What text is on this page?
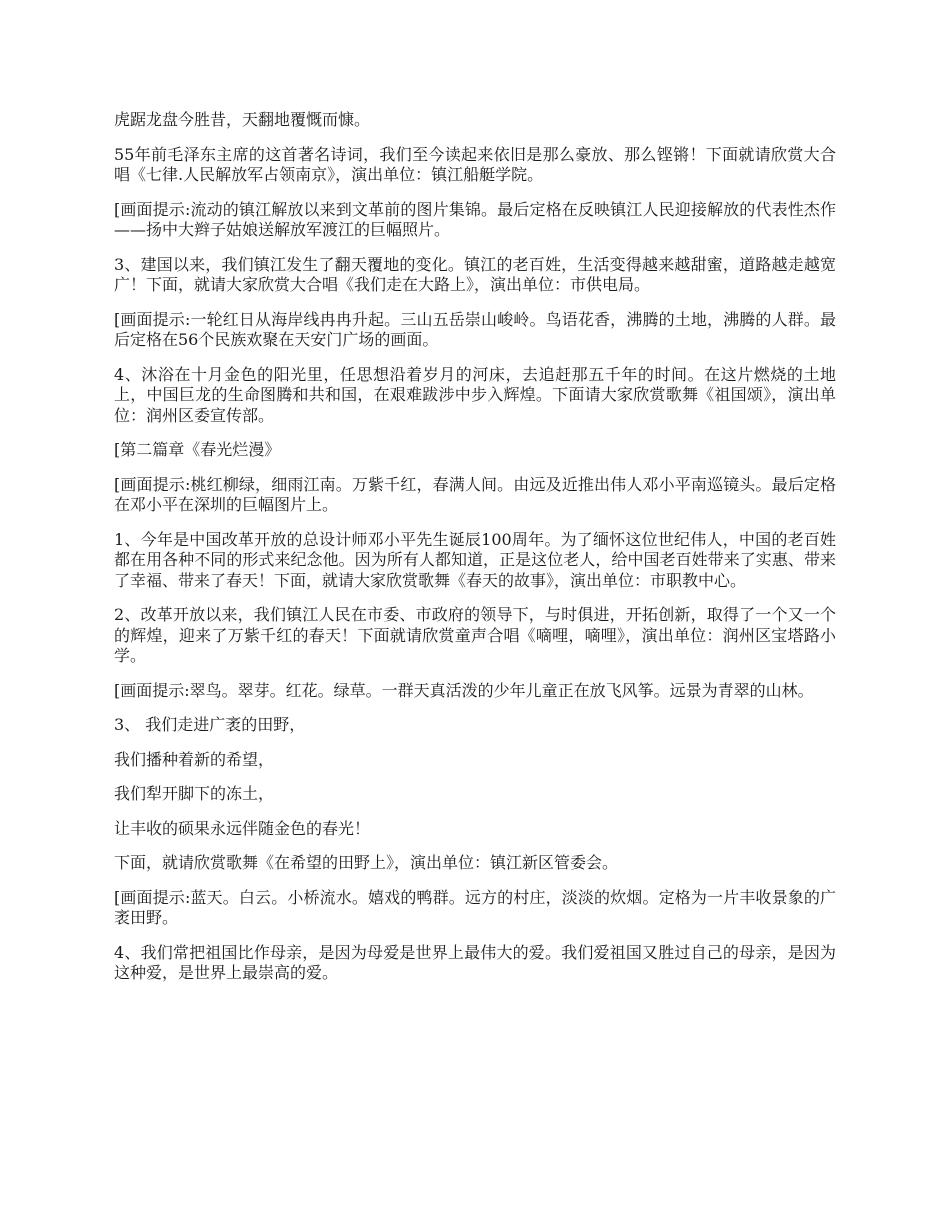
虎踞龙盘今胜昔，天翻地覆慨而慷。

55年前毛泽东主席的这首著名诗词，我们至今读起来依旧是那么豪放、那么铿锵！下面就请欣赏大合唱《七律.人民解放军占领南京》，演出单位：镇江船艇学院。

[画面提示:流动的镇江解放以来到文革前的图片集锦。最后定格在反映镇江人民迎接解放的代表性杰作——扬中大辫子姑娘送解放军渡江的巨幅照片。

3、建国以来，我们镇江发生了翻天覆地的变化。镇江的老百姓，生活变得越来越甜蜜，道路越走越宽广！下面，就请大家欣赏大合唱《我们走在大路上》，演出单位：市供电局。

[画面提示:一轮红日从海岸线冉冉升起。三山五岳崇山峻岭。鸟语花香，沸腾的土地，沸腾的人群。最后定格在56个民族欢聚在天安门广场的画面。

4、沐浴在十月金色的阳光里，任思想沿着岁月的河床，去追赶那五千年的时间。在这片燃烧的土地上，中国巨龙的生命图腾和共和国，在艰难跋涉中步入辉煌。下面请大家欣赏歌舞《祖国颂》，演出单位：润州区委宣传部。

[第二篇章《春光烂漫》

[画面提示:桃红柳绿，细雨江南。万紫千红，春满人间。由远及近推出伟人邓小平南巡镜头。最后定格在邓小平在深圳的巨幅图片上。

1、今年是中国改革开放的总设计师邓小平先生诞辰100周年。为了缅怀这位世纪伟人，中国的老百姓都在用各种不同的形式来纪念他。因为所有人都知道，正是这位老人，给中国老百姓带来了实惠、带来了幸福、带来了春天！下面，就请大家欣赏歌舞《春天的故事》，演出单位：市职教中心。

2、改革开放以来，我们镇江人民在市委、市政府的领导下，与时俱进，开拓创新，取得了一个又一个的辉煌，迎来了万紫千红的春天！下面就请欣赏童声合唱《嘀哩，嘀哩》，演出单位：润州区宝塔路小学。

[画面提示:翠鸟。翠芽。红花。绿草。一群天真活泼的少年儿童正在放飞风筝。远景为青翠的山林。

3、 我们走进广袤的田野，

我们播种着新的希望，

我们犁开脚下的冻土，

让丰收的硕果永远伴随金色的春光！

下面，就请欣赏歌舞《在希望的田野上》，演出单位：镇江新区管委会。

[画面提示:蓝天。白云。小桥流水。嬉戏的鸭群。远方的村庄，淡淡的炊烟。定格为一片丰收景象的广袤田野。

4、我们常把祖国比作母亲，是因为母爱是世界上最伟大的爱。我们爱祖国又胜过自己的母亲，是因为这种爱，是世界上最崇高的爱。
